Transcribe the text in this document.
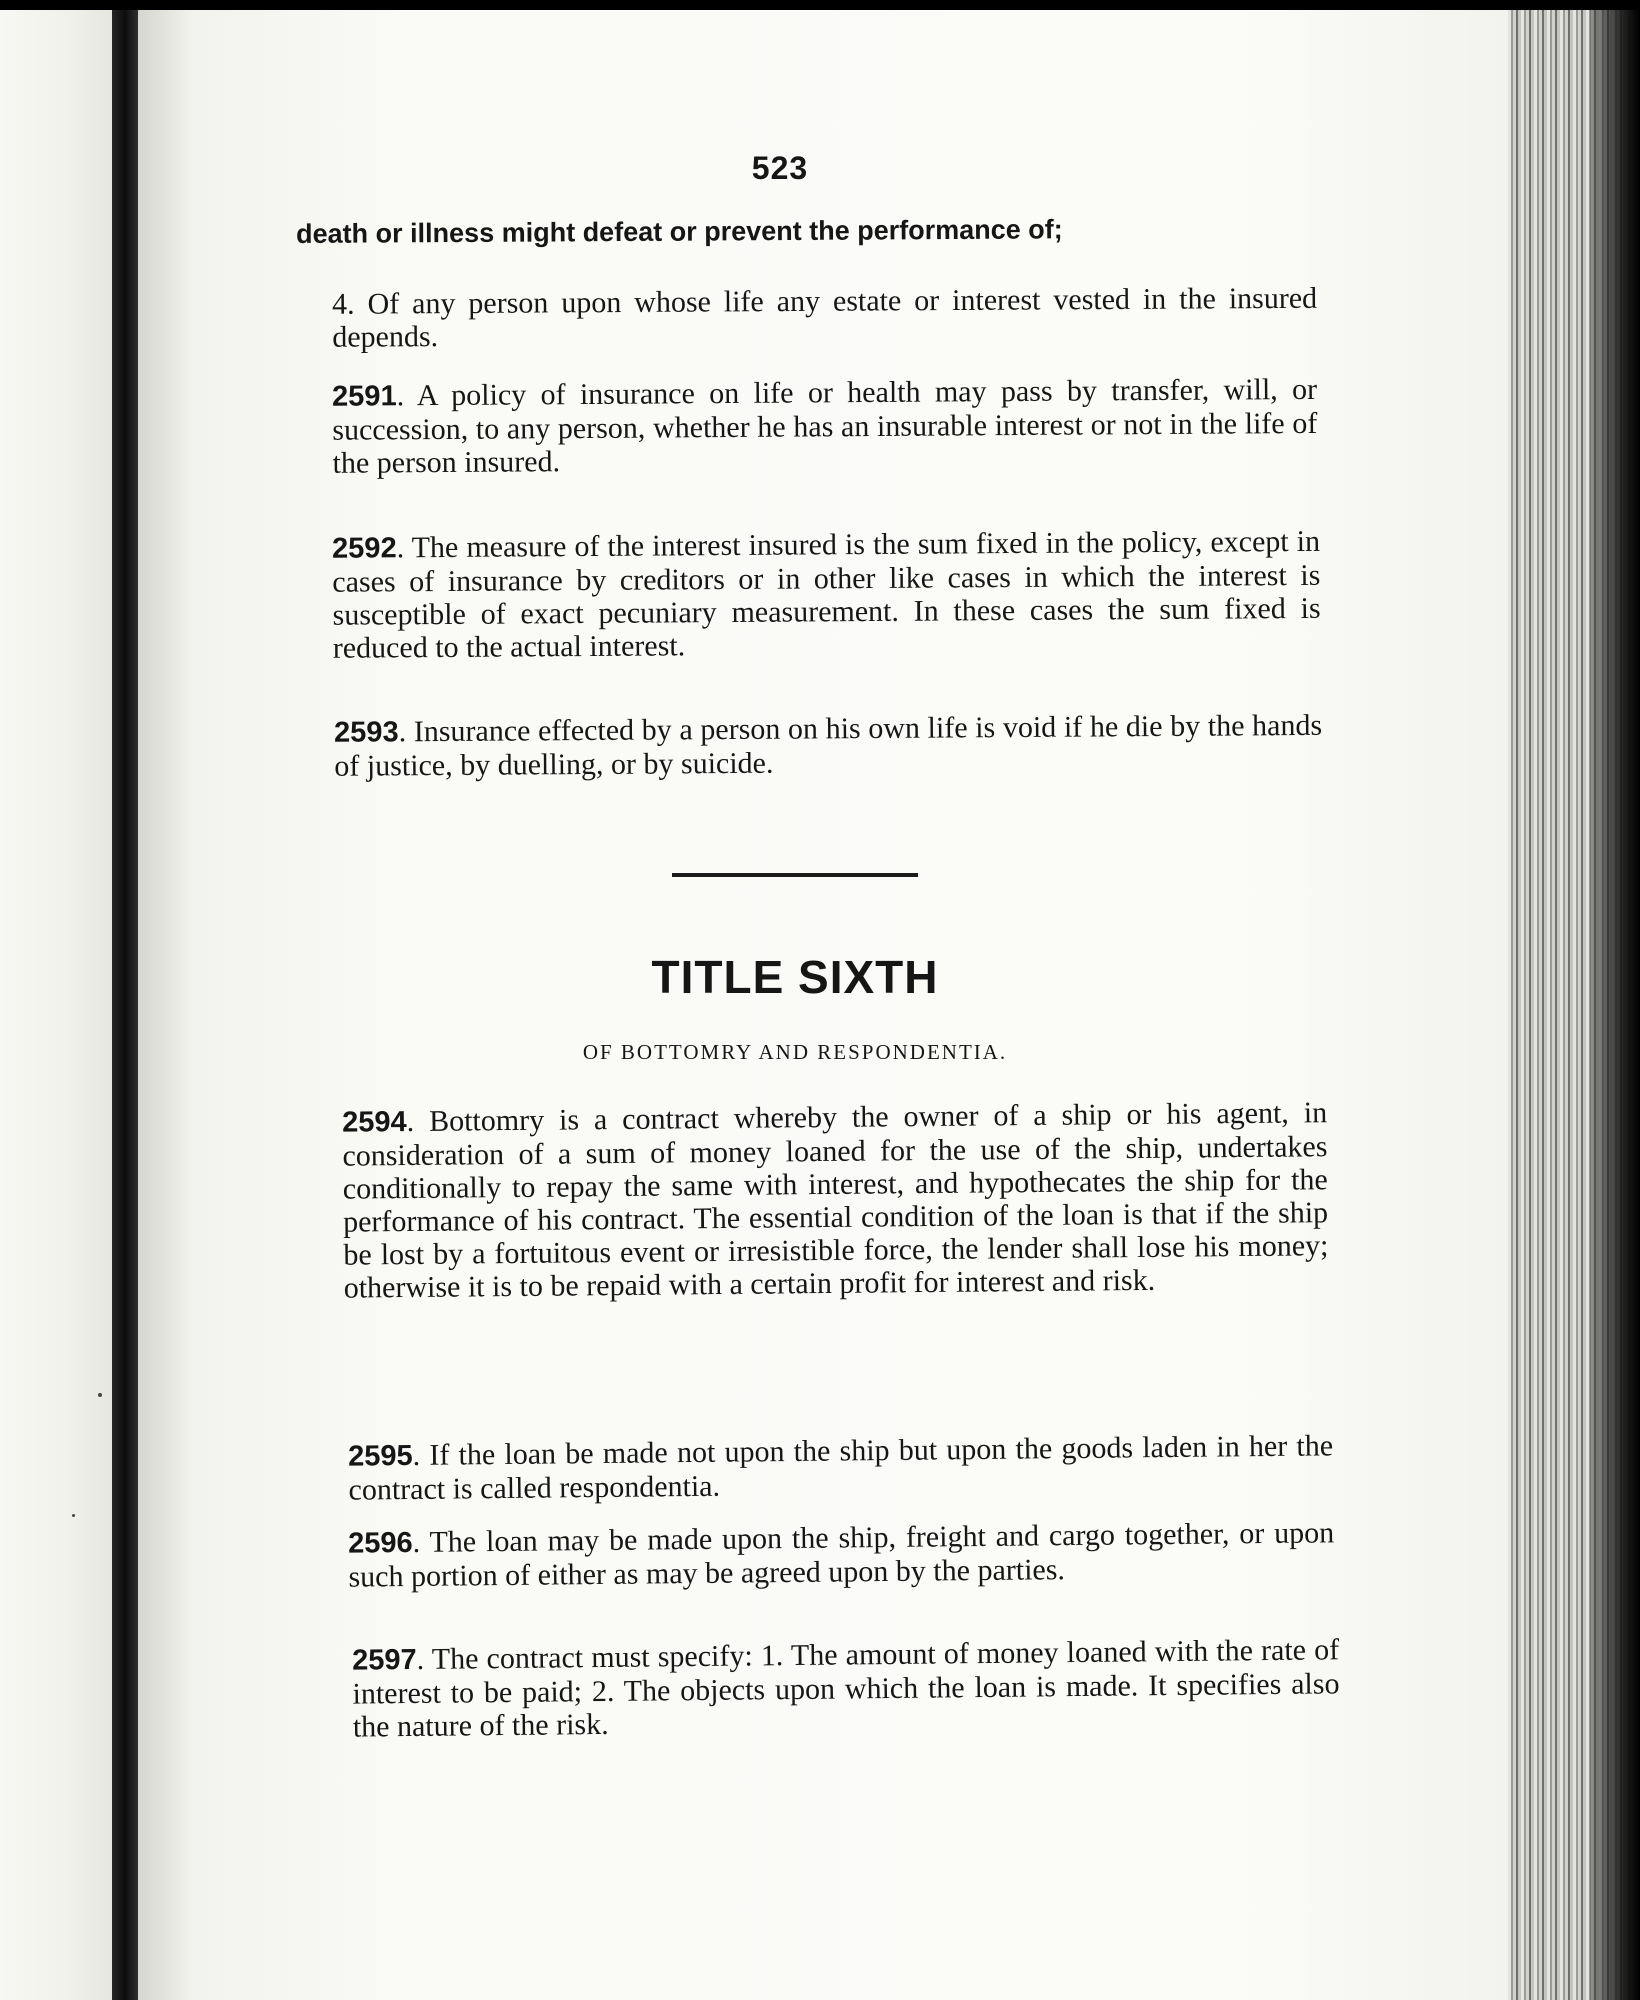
523
death or illness might defeat or prevent the performance of;
4. Of any person upon whose life any estate or interest vested in the insured depends.
2591. A policy of insurance on life or health may pass by transfer, will, or succession, to any person, whether he has an insurable interest or not in the life of the person insured.
2592. The measure of the interest insured is the sum fixed in the policy, except in cases of insurance by creditors or in other like cases in which the interest is susceptible of exact pecuniary measurement. In these cases the sum fixed is reduced to the actual interest.
2593. Insurance effected by a person on his own life is void if he die by the hands of justice, by duelling, or by suicide.
TITLE SIXTH
OF BOTTOMRY AND RESPONDENTIA.
2594. Bottomry is a contract whereby the owner of a ship or his agent, in consideration of a sum of money loaned for the use of the ship, undertakes conditionally to repay the same with interest, and hypothecates the ship for the performance of his contract. The essential condition of the loan is that if the ship be lost by a fortuitous event or irresistible force, the lender shall lose his money; otherwise it is to be repaid with a certain profit for interest and risk.
2595. If the loan be made not upon the ship but upon the goods laden in her the contract is called respondentia.
2596. The loan may be made upon the ship, freight and cargo together, or upon such portion of either as may be agreed upon by the parties.
2597. The contract must specify: 1. The amount of money loaned with the rate of interest to be paid; 2. The objects upon which the loan is made. It specifies also the nature of the risk.
